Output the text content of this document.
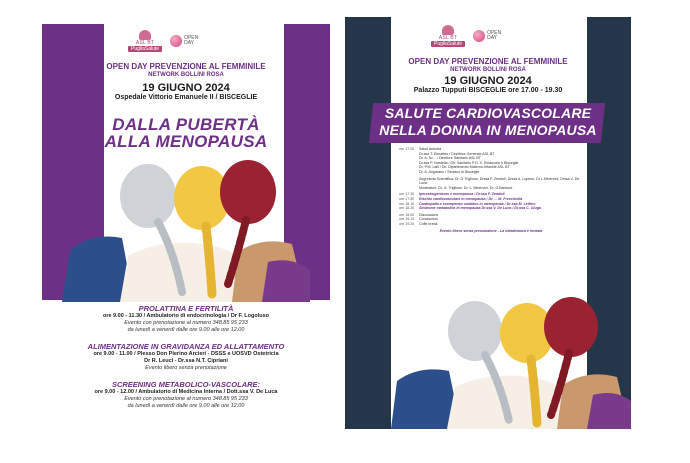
ASL BT
PugliaSalute
OPEN DAY
OPEN DAY PREVENZIONE AL FEMMINILE
NETWORK BOLLINI ROSA
19 GIUGNO 2024
Ospedale Vittorio Emanuele II / BISCEGLIE
DALLA PUBERTÀ
ALLA MENOPAUSA
PROLATTINA E FERTILITÀ
ore 9.00 - 11.30 / Ambulatorio di endocrinologia / Dr F. Logoluso
Evento con prenotazione al numero 348.85 95 233
da lunedì a venerdì dalle ore 9.00 alle ore 12.00
ALIMENTAZIONE IN GRAVIDANZA ED ALLATTAMENTO
ore 9.00 - 11.00 / Plesso Don Pierino Arcieri - DSSS e UOSVD Ostetricia
Dr R. Leuci - Dr.ssa N.T. Cipriani
Evento libero senza prenotazione
SCREENING METABOLICO-VASCOLARE:
ore 9.00 - 12.00 / Ambulatorio di Medicina Interna / Dott.ssa V. De Luca
Evento con prenotazione al numero 348.85 95 233
da lunedì a venerdì dalle ore 9.00 alle ore 12.00
ASL BT
PugliaSalute
OPEN DAY
OPEN DAY PREVENZIONE AL FEMMINILE
NETWORK BOLLINI ROSA
19 GIUGNO 2024
Palazzo Tupputi BISCEGLIE ore 17.00 - 19.30
SALUTE CARDIOVASCOLARE
NELLA DONNA IN MENOPAUSA
ore 17.00	Saluti Autorità
Dr.ssa T. Dimatteo / Direttrice Generale ASL BT
Dr. A. Sc... / Direttore Sanitario ASL BT
Dr.ssa P. Nardella / Dir. Sanitario P.O. V. Emanuele II Bisceglie
Dr. P.M. Lalli / Dir. Dipartimento Materno-Infantile ASL BT
Dr. A. Angarano / Sindaco di Bisceglie
Segreteria Scientifica: Dr. G.Trigliose, Drssa F. Zendoli, Drssa A. Lopinto, Dr L.Minervini, Drssa V. De Luca.
Moderatori: Dr. G. Trigliose, Dr. L. Minervini, Dr. G.Bartucci
ore 17.30	Iperestrogenismo e menopausa / Dr.ssa F. Zendoli
ore 17.50	Rischio cardiovascolare in menopausa / Dr. ... M. Frecchiolla
ore 18.10	Cardiopatia e scompenso cardiaco in menopausa / Dr.ssa M. Lettino
ore 18.30	Sindrome metabolica in menopausa Dr.ssa V. De Luca / Dr.ssa C. Giuga
ore 18.50	Discussione
ore 19.10	Conclusioni
ore 19.20	Coffe break
Evento libero senza prenotazione - La cittadinanza è invitata
